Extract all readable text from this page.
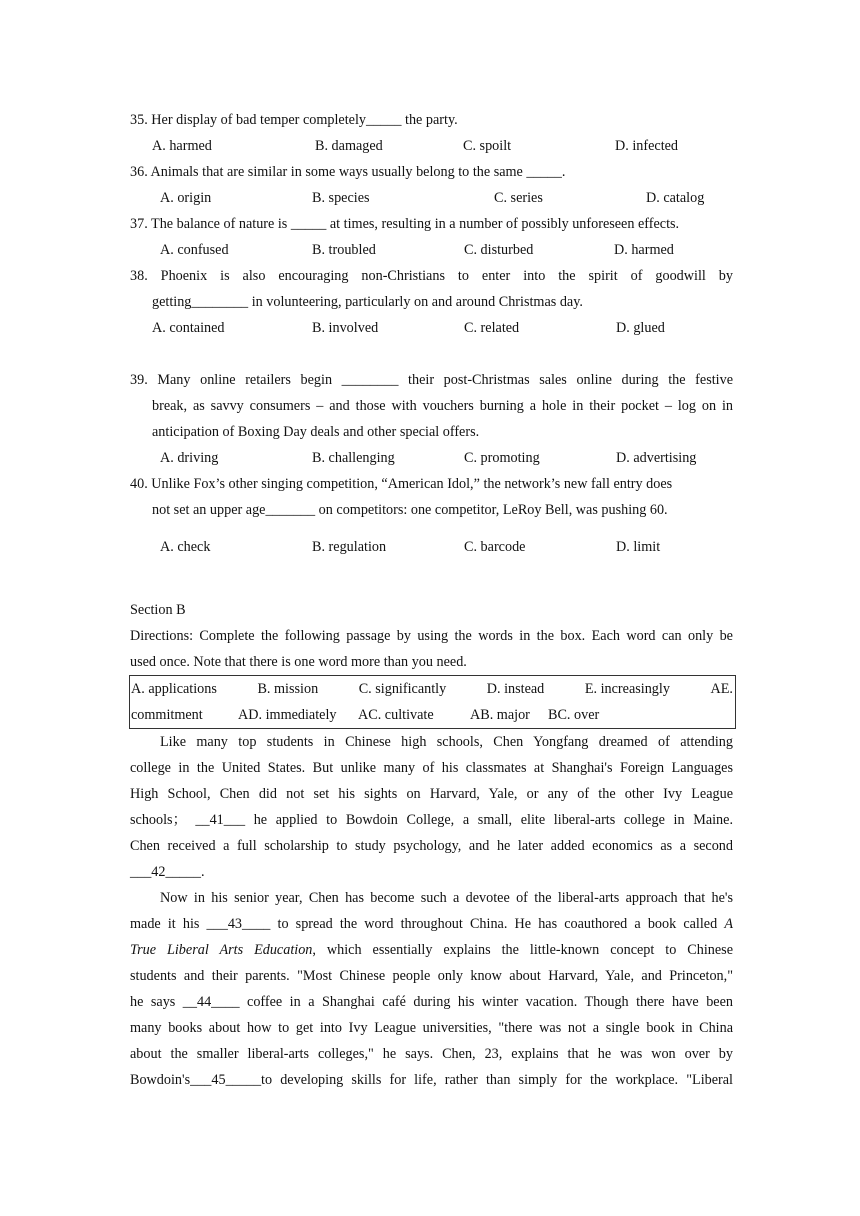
35. Her display of bad temper completely_____ the party.
A. harmed	B. damaged	C. spoilt	D. infected
36. Animals that are similar in some ways usually belong to the same _____.
A. origin	B. species	C. series	D. catalog
37. The balance of nature is _____ at times, resulting in a number of possibly unforeseen effects.
A. confused	B. troubled	C. disturbed	D. harmed
38. Phoenix is also encouraging non-Christians to enter into the spirit of goodwill by
getting________ in volunteering, particularly on and around Christmas day.
A. contained	B. involved	C. related	D. glued
39. Many online retailers begin ________ their post-Christmas sales online during the festive
break, as savvy consumers – and those with vouchers burning a hole in their pocket – log on in
anticipation of Boxing Day deals and other special offers.
A. driving	B. challenging	C. promoting	D. advertising
40. Unlike Fox’s other singing competition, “American Idol,” the network’s new fall entry does
not set an upper age_______ on competitors: one competitor, LeRoy Bell, was pushing 60.
A. check	B. regulation	C. barcode	D. limit
Section B
Directions: Complete the following passage by using the words in the box. Each word can only be
used once. Note that there is one word more than you need.
A. applications	B. mission	C. significantly	D. instead	E. increasingly	AE.
commitment AD. immediately AC. cultivate	AB. major BC. over
Like many top students in Chinese high schools, Chen Yongfang dreamed of attending
college in the United States. But unlike many of his classmates at Shanghai's Foreign Languages
High School, Chen did not set his sights on Harvard, Yale, or any of the other Ivy League
schools； __41___ he applied to Bowdoin College, a small, elite liberal-arts college in Maine.
Chen received a full scholarship to study psychology, and he later added economics as a second
___42_____.
Now in his senior year, Chen has become such a devotee of the liberal-arts approach that he's
made it his ___43____ to spread the word throughout China. He has coauthored a book called A
True Liberal Arts Education, which essentially explains the little-known concept to Chinese
students and their parents. "Most Chinese people only know about Harvard, Yale, and Princeton,"
he says __44____ coffee in a Shanghai café during his winter vacation. Though there have been
many books about how to get into Ivy League universities, "there was not a single book in China
about the smaller liberal-arts colleges," he says. Chen, 23, explains that he was won over by
Bowdoin's___45_____to developing skills for life, rather than simply for the workplace. "Liberal
